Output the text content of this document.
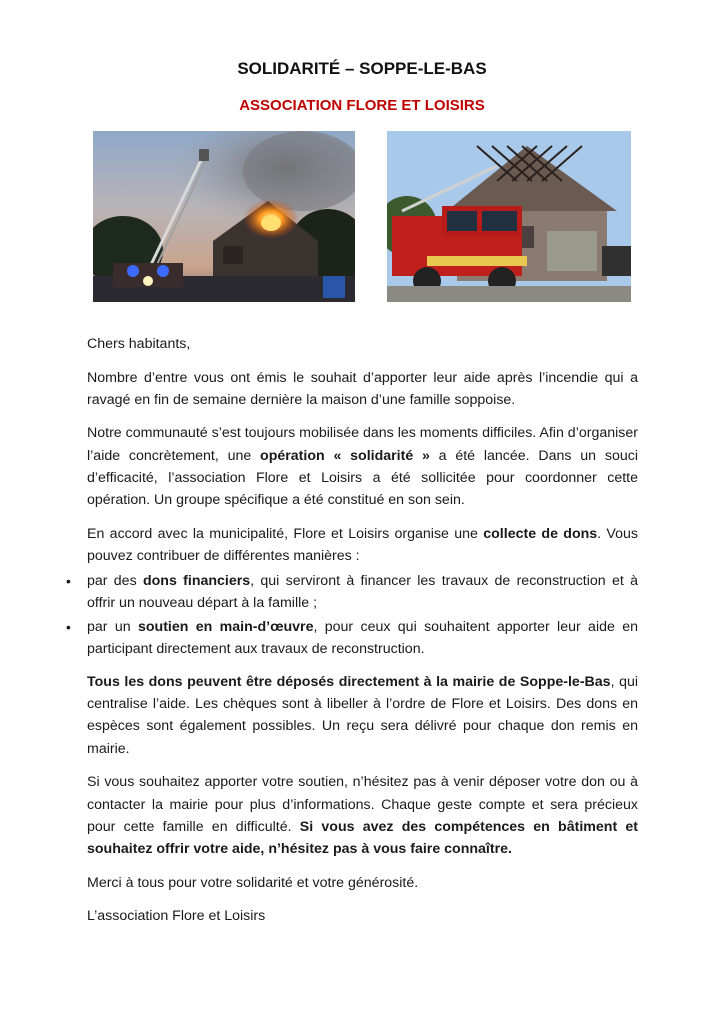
SOLIDARITÉ – SOPPE-LE-BAS
ASSOCIATION FLORE ET LOISIRS

Chers habitants,

Nombre d’entre vous ont émis le souhait d’apporter leur aide après l’incendie qui a ravagé en fin de semaine dernière la maison d’une famille soppoise.

Notre communauté s’est toujours mobilisée dans les moments difficiles. Afin d’organiser l’aide concrètement, une opération « solidarité » a été lancée. Dans un souci d’efficacité, l’association Flore et Loisirs a été sollicitée pour coordonner cette opération. Un groupe spécifique a été constitué en son sein.

En accord avec la municipalité, Flore et Loisirs organise une collecte de dons. Vous pouvez contribuer de différentes manières :

• par des dons financiers, qui serviront à financer les travaux de reconstruction et à offrir un nouveau départ à la famille ;
• par un soutien en main-d’œuvre, pour ceux qui souhaitent apporter leur aide en participant directement aux travaux de reconstruction.

Tous les dons peuvent être déposés directement à la mairie de Soppe-le-Bas, qui centralise l’aide. Les chèques sont à libeller à l’ordre de Flore et Loisirs. Des dons en espèces sont également possibles. Un reçu sera délivré pour chaque don remis en mairie.

Si vous souhaitez apporter votre soutien, n’hésitez pas à venir déposer votre don ou à contacter la mairie pour plus d’informations. Chaque geste compte et sera précieux pour cette famille en difficulté. Si vous avez des compétences en bâtiment et souhaitez offrir votre aide, n’hésitez pas à vous faire connaître.

Merci à tous pour votre solidarité et votre générosité.

L’association Flore et Loisirs
